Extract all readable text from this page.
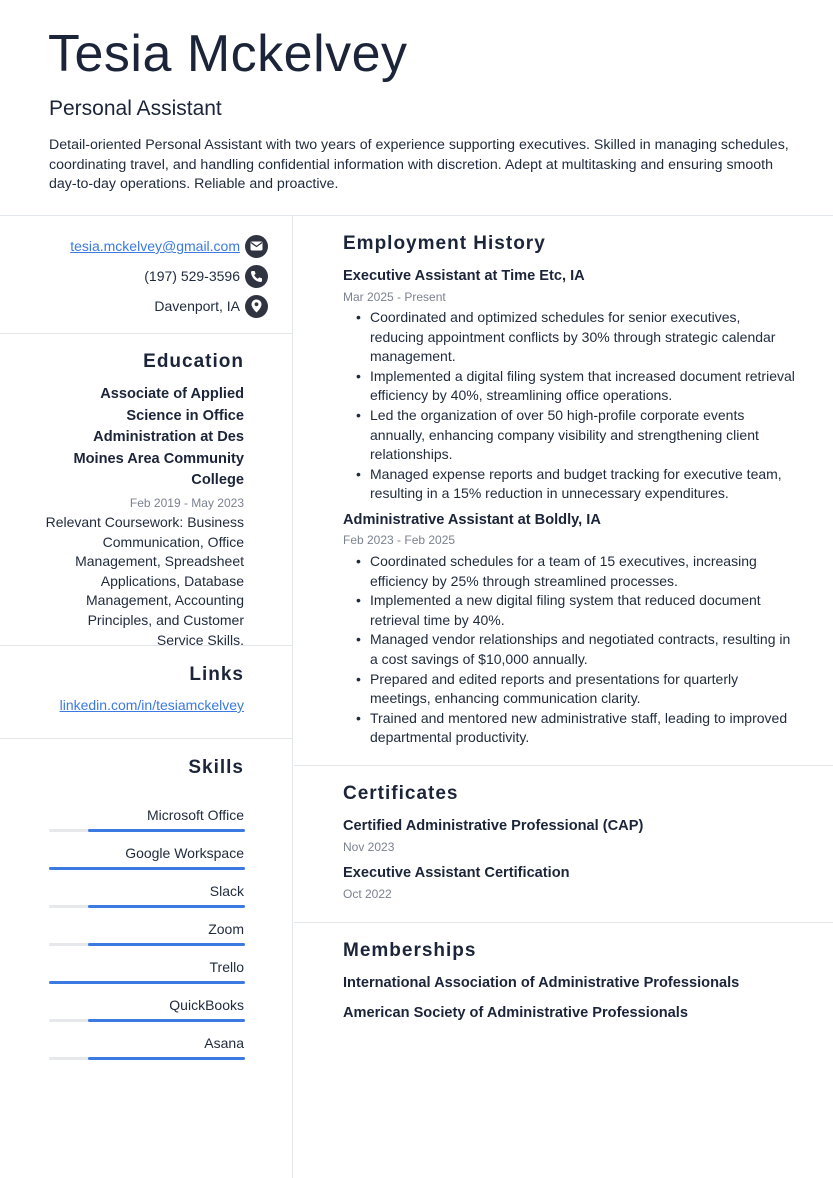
Tesia Mckelvey
Personal Assistant

Detail-oriented Personal Assistant with two years of experience supporting executives. Skilled in managing schedules, coordinating travel, and handling confidential information with discretion. Adept at multitasking and ensuring smooth day-to-day operations. Reliable and proactive.

tesia.mckelvey@gmail.com
(197) 529-3596
Davenport, IA
Education
Associate of Applied Science in Office Administration at Des Moines Area Community College
Feb 2019 - May 2023
Relevant Coursework: Business Communication, Office Management, Spreadsheet Applications, Database Management, Accounting Principles, and Customer Service Skills.
Links
linkedin.com/in/tesiamckelvey
Skills
Microsoft Office
Google Workspace
Slack
Zoom
Trello
QuickBooks
Asana
Employment History
Executive Assistant at Time Etc, IA
Mar 2025 - Present
• Coordinated and optimized schedules for senior executives, reducing appointment conflicts by 30% through strategic calendar management.
• Implemented a digital filing system that increased document retrieval efficiency by 40%, streamlining office operations.
• Led the organization of over 50 high-profile corporate events annually, enhancing company visibility and strengthening client relationships.
• Managed expense reports and budget tracking for executive team, resulting in a 15% reduction in unnecessary expenditures.
Administrative Assistant at Boldly, IA
Feb 2023 - Feb 2025
• Coordinated schedules for a team of 15 executives, increasing efficiency by 25% through streamlined processes.
• Implemented a new digital filing system that reduced document retrieval time by 40%.
• Managed vendor relationships and negotiated contracts, resulting in a cost savings of $10,000 annually.
• Prepared and edited reports and presentations for quarterly meetings, enhancing communication clarity.
• Trained and mentored new administrative staff, leading to improved departmental productivity.
Certificates
Certified Administrative Professional (CAP)
Nov 2023
Executive Assistant Certification
Oct 2022
Memberships
International Association of Administrative Professionals
American Society of Administrative Professionals
